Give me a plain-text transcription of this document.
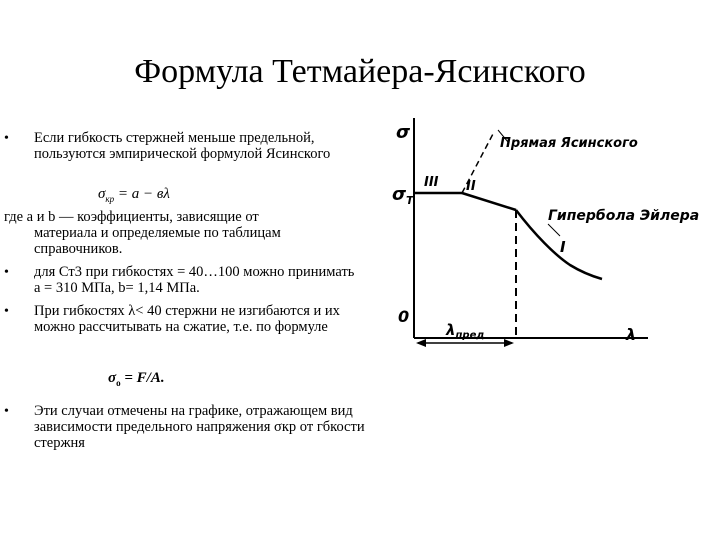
Формула Тетмайера-Ясинского
• Если гибкость стержней меньше предельной, пользуются эмпирической формулой Ясинского
$\sigma_{кр} = a - в\lambda$
где a и b — коэффициенты, зависящие от
материала и определяемые по таблицам справочников.
• для Ст3 при гибкостях = 40…100 можно принимать a = 310 МПа, b= 1,14 МПа.
• При гибкостях λ< 40 стержни не изгибаются и их можно рассчитывать на сжатие, т.е. по формуле
$\sigma_о = F/A$.
• Эти случаи отмечены на графике, отражающем вид зависимости предельного напряжения σкр от гбкости стержня
σ
$\sigma_Т$
0
λ
$\lambda_{пред}$
III II
I
Прямая Ясинского
Гипербола Эйлера
